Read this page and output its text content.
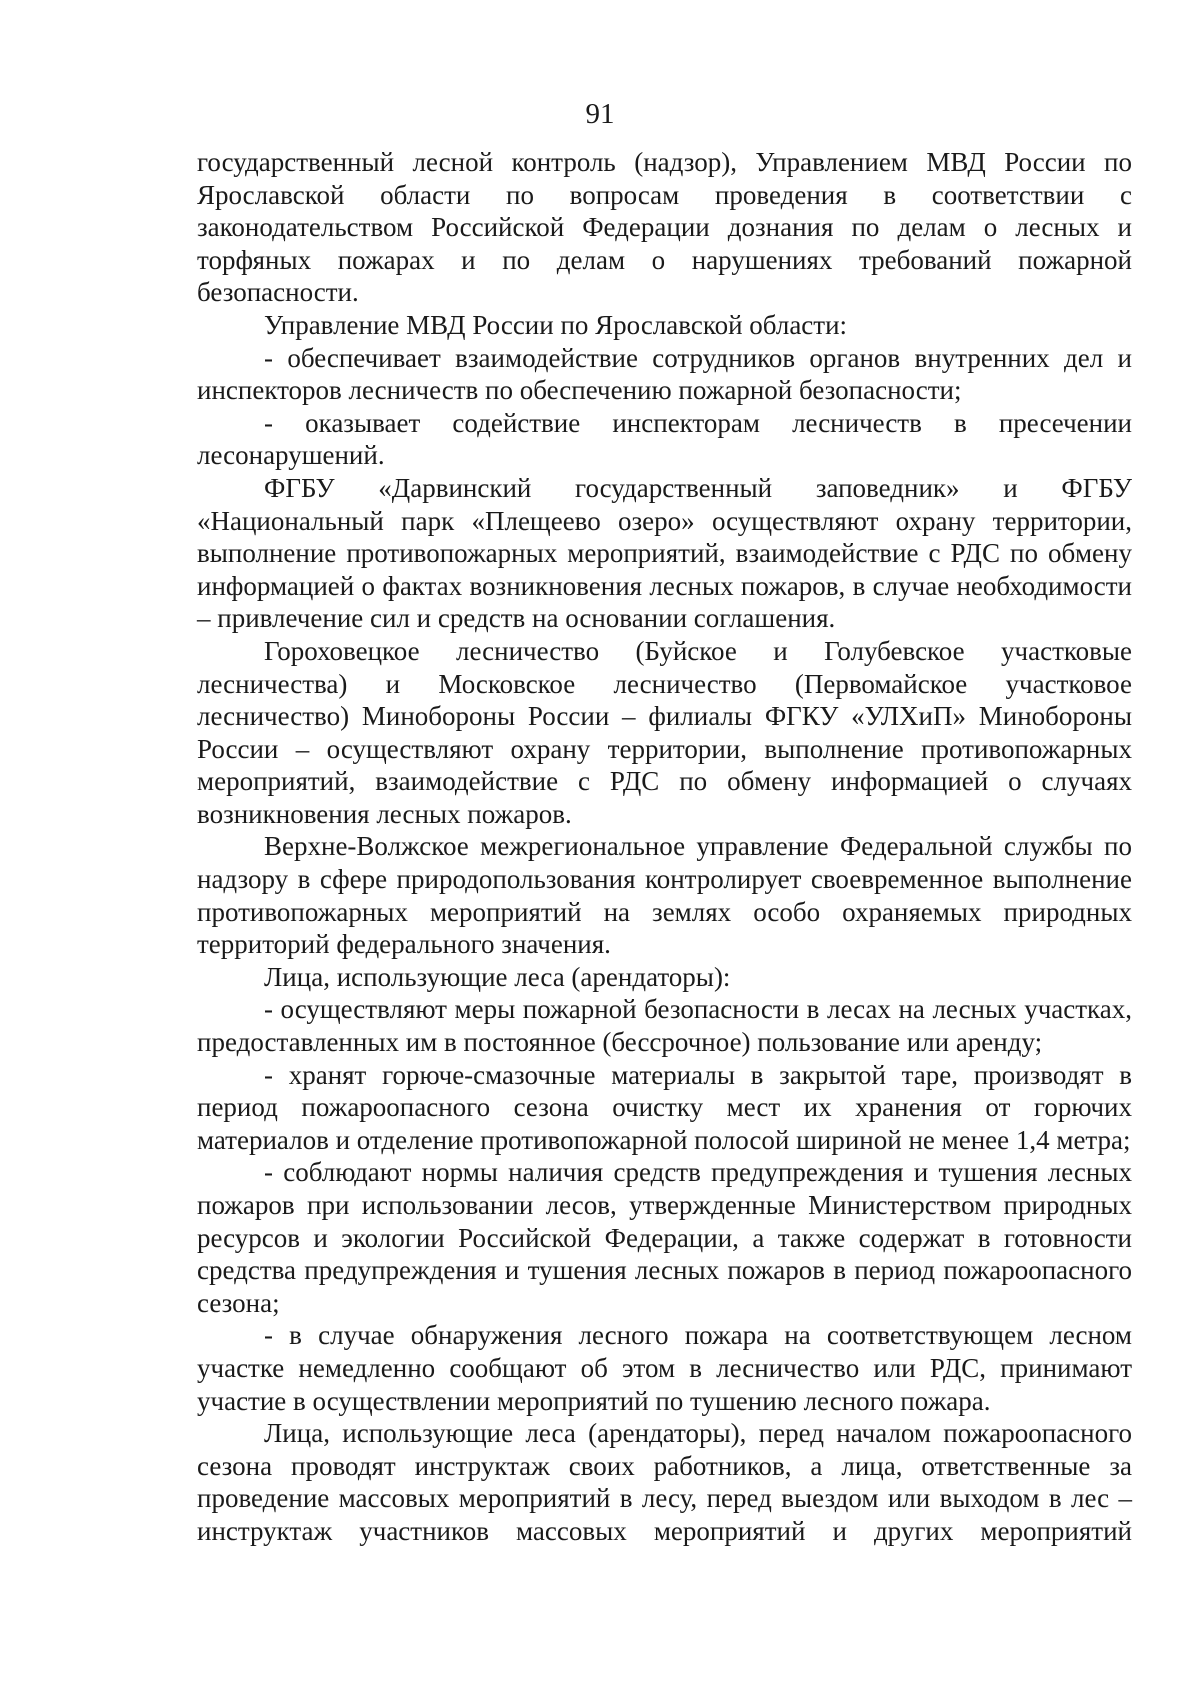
91

государственный лесной контроль (надзор), Управлением МВД России по Ярославской области по вопросам проведения в соответствии с законодательством Российской Федерации дознания по делам о лесных и торфяных пожарах и по делам о нарушениях требований пожарной безопасности.

Управление МВД России по Ярославской области:

- обеспечивает взаимодействие сотрудников органов внутренних дел и инспекторов лесничеств по обеспечению пожарной безопасности;

- оказывает содействие инспекторам лесничеств в пресечении лесонарушений.

ФГБУ «Дарвинский государственный заповедник» и ФГБУ «Национальный парк «Плещеево озеро» осуществляют охрану территории, выполнение противопожарных мероприятий, взаимодействие с РДС по обмену информацией о фактах возникновения лесных пожаров, в случае необходимости – привлечение сил и средств на основании соглашения.

Гороховецкое лесничество (Буйское и Голубевское участковые лесничества) и Московское лесничество (Первомайское участковое лесничество) Минобороны России – филиалы ФГКУ «УЛХиП» Минобороны России – осуществляют охрану территории, выполнение противопожарных мероприятий, взаимодействие с РДС по обмену информацией о случаях возникновения лесных пожаров.

Верхне-Волжское межрегиональное управление Федеральной службы по надзору в сфере природопользования контролирует своевременное выполнение противопожарных мероприятий на землях особо охраняемых природных территорий федерального значения.

Лица, использующие леса (арендаторы):

- осуществляют меры пожарной безопасности в лесах на лесных участках, предоставленных им в постоянное (бессрочное) пользование или аренду;

- хранят горюче-смазочные материалы в закрытой таре, производят в период пожароопасного сезона очистку мест их хранения от горючих материалов и отделение противопожарной полосой шириной не менее 1,4 метра;

- соблюдают нормы наличия средств предупреждения и тушения лесных пожаров при использовании лесов, утвержденные Министерством природных ресурсов и экологии Российской Федерации, а также содержат в готовности средства предупреждения и тушения лесных пожаров в период пожароопасного сезона;

- в случае обнаружения лесного пожара на соответствующем лесном участке немедленно сообщают об этом в лесничество или РДС, принимают участие в осуществлении мероприятий по тушению лесного пожара.

Лица, использующие леса (арендаторы), перед началом пожароопасного сезона проводят инструктаж своих работников, а лица, ответственные за проведение массовых мероприятий в лесу, перед выездом или выходом в лес – инструктаж участников массовых мероприятий и других мероприятий
